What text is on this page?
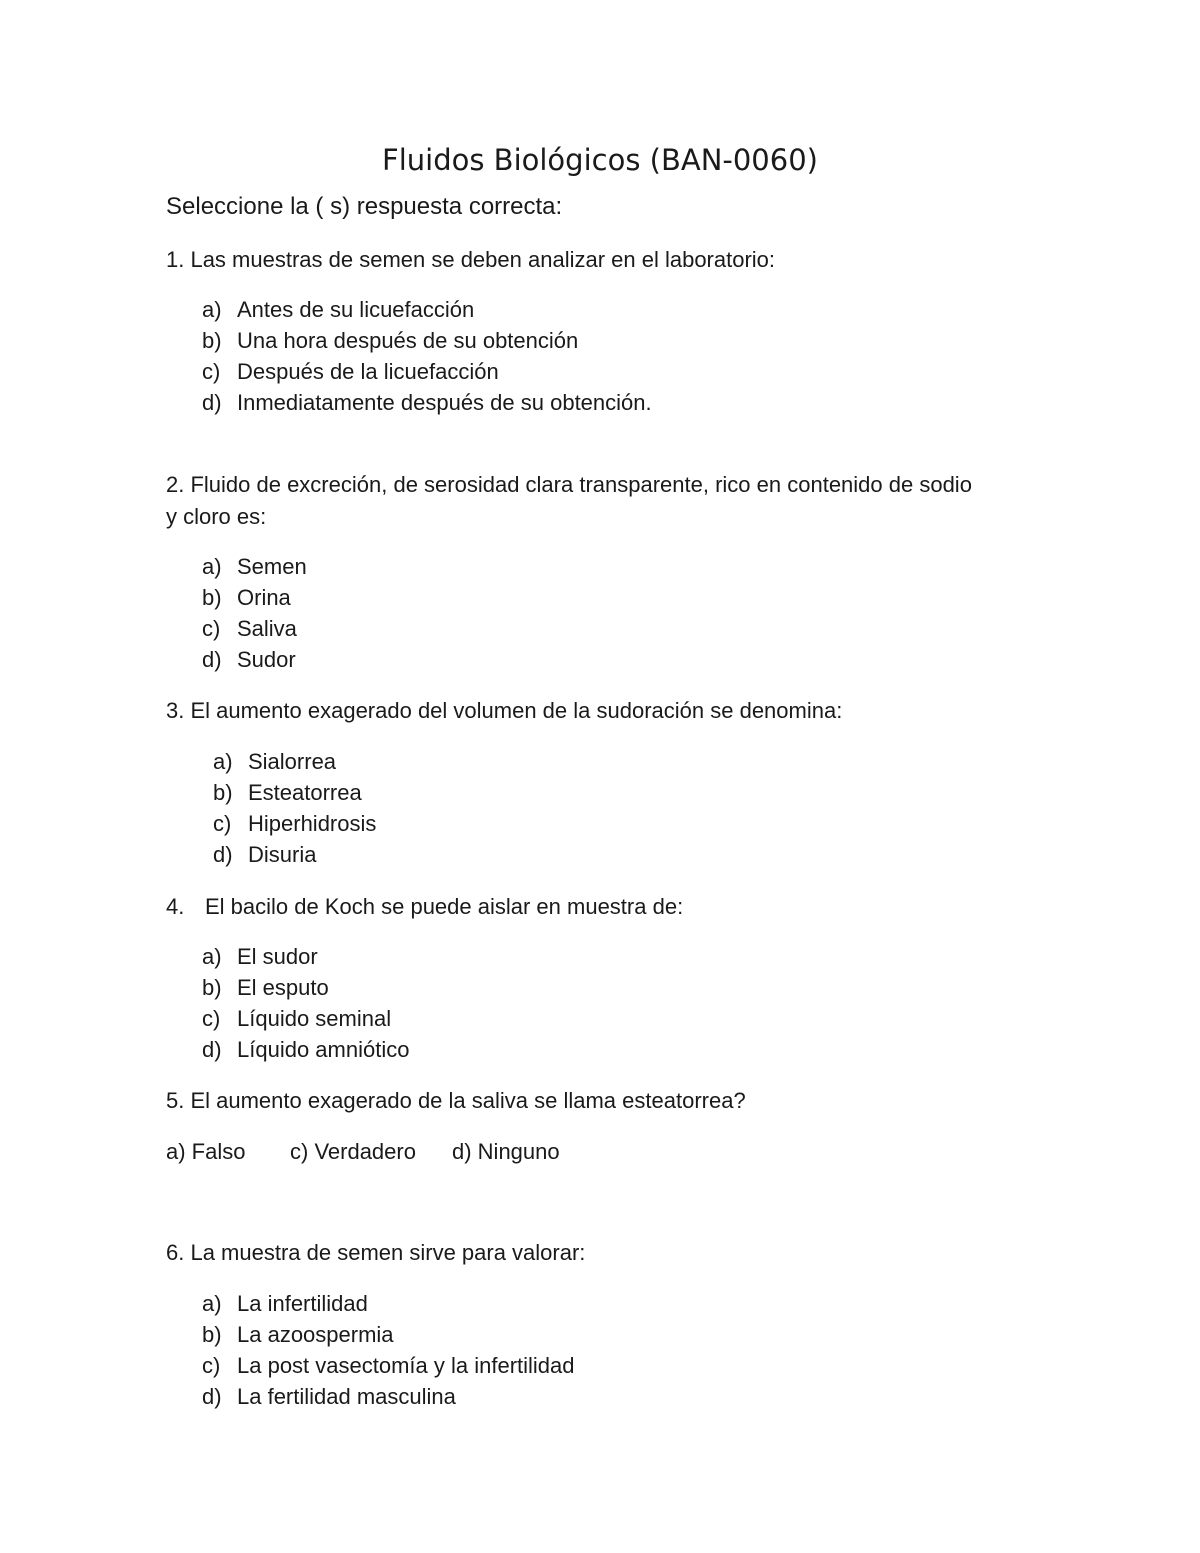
Fluidos Biológicos (BAN-0060)
Seleccione la ( s) respuesta correcta:
1. Las muestras de semen se deben analizar en el laboratorio:
a) Antes de su licuefacción
b) Una hora después de su obtención
c) Después de la licuefacción
d) Inmediatamente después de su obtención.
2. Fluido de excreción, de serosidad clara transparente, rico en contenido de sodio
y cloro es:
a) Semen
b) Orina
c) Saliva
d) Sudor
3. El aumento exagerado del volumen de la sudoración se denomina:
a) Sialorrea
b) Esteatorrea
c) Hiperhidrosis
d) Disuria
4. El bacilo de Koch se puede aislar en muestra de:
a) El sudor
b) El esputo
c) Líquido seminal
d) Líquido amniótico
5. El aumento exagerado de la saliva se llama esteatorrea?
a) Falso c) Verdadero d) Ninguno
6. La muestra de semen sirve para valorar:
a) La infertilidad
b) La azoospermia
c) La post vasectomía y la infertilidad
d) La fertilidad masculina
